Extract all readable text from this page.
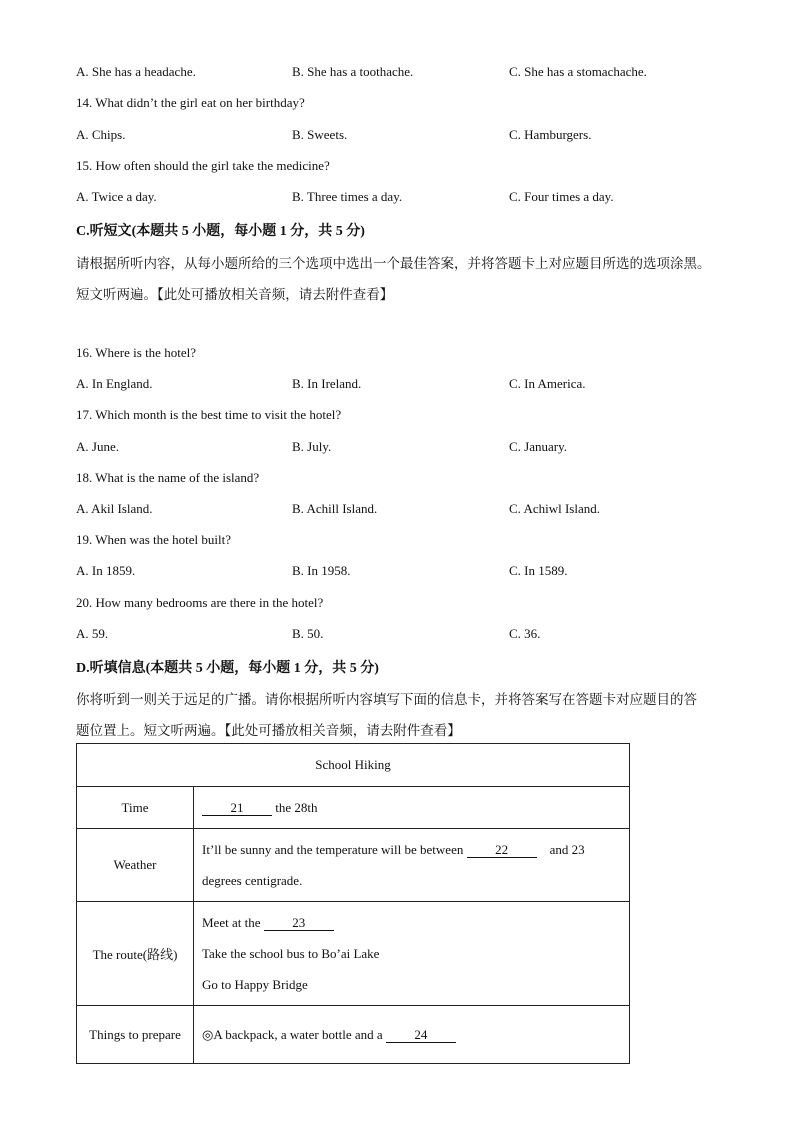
A. She has a headache.	B. She has a toothache.	C. She has a stomachache.
14. What didn’t the girl eat on her birthday?
A. Chips.	B. Sweets.	C. Hamburgers.
15. How often should the girl take the medicine?
A. Twice a day.	B. Three times a day.	C. Four times a day.
C.听短文(本题共 5 小题，每小题 1 分，共 5 分)
请根据所听内容，从每小题所给的三个选项中选出一个最佳答案，并将答题卡上对应题目所选的选项涂黑。
短文听两遍。【此处可播放相关音频，请去附件查看】
16. Where is the hotel?
A. In England.	B. In Ireland.	C. In America.
17. Which month is the best time to visit the hotel?
A. June.	B. July.	C. January.
18. What is the name of the island?
A. Akil Island.	B. Achill Island.	C. Achiwl Island.
19. When was the hotel built?
A. In 1859.	B. In 1958.	C. In 1589.
20. How many bedrooms are there in the hotel?
A. 59.	B. 50.	C. 36.
D.听填信息(本题共 5 小题，每小题 1 分，共 5 分)
你将听到一则关于远足的广播。请你根据所听内容填写下面的信息卡，并将答案写在答题卡对应题目的答
题位置上。短文听两遍。【此处可播放相关音频，请去附件查看】
School Hiking	
Time	21 the 28th
Weather	It’ll be sunny and the temperature will be between 22 and 23
degrees centigrade.

The route(路线)	Meet at the 23
Take the school bus to Bo’ai Lake
Go to Happy Bridge

Things to prepare	◎A backpack, a water bottle and a 24
